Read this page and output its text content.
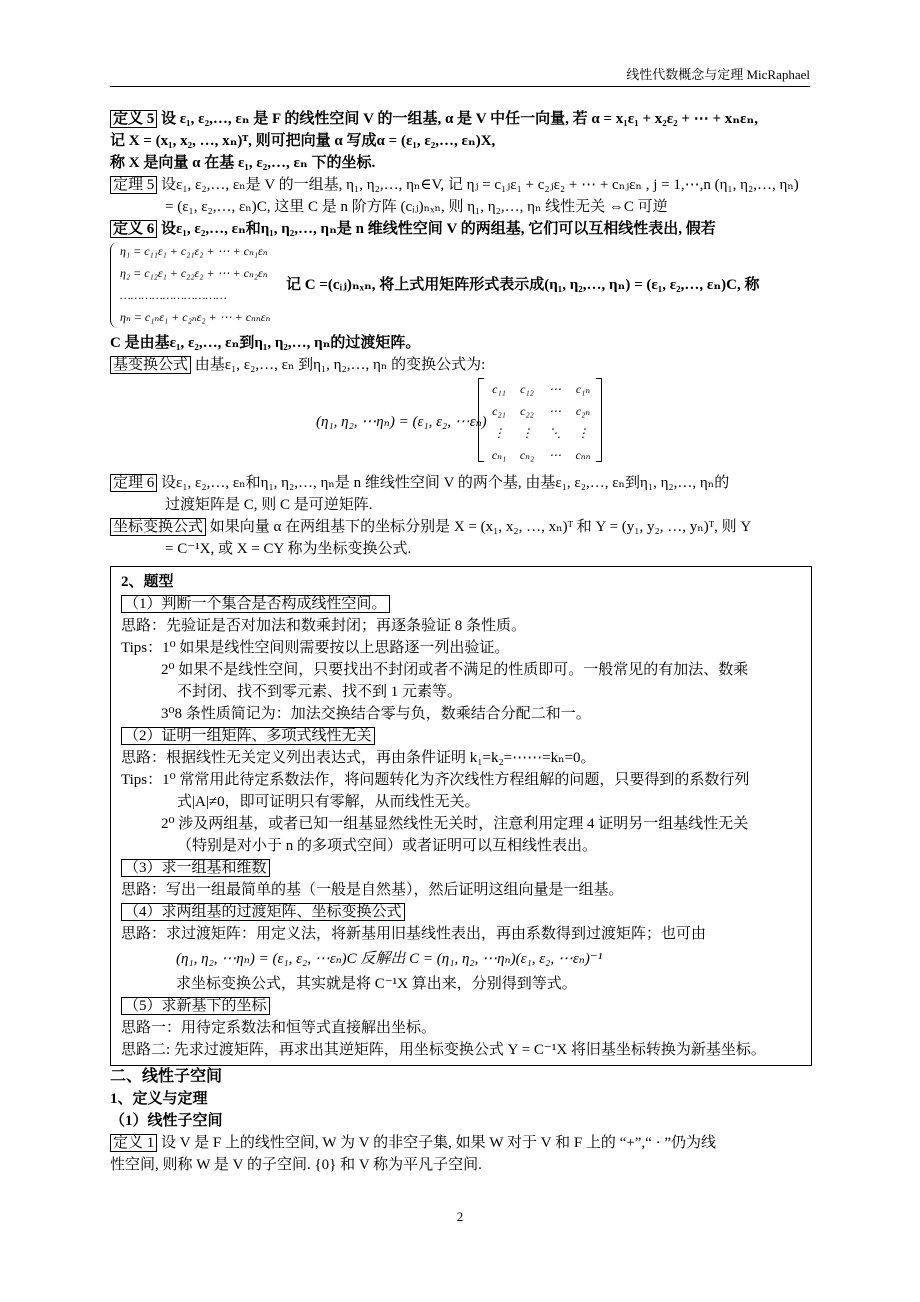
线性代数概念与定理 MicRaphael
定义 5 设 ε₁, ε₂,…, εₙ 是 F 的线性空间 V 的一组基, α 是 V 中任一向量, 若 α = x₁ε₁ + x₂ε₂ + ⋯ + xₙεₙ,
记 X = (x₁, x₂, …, xₙ)ᵀ, 则可把向量 α 写成α = (ε₁, ε₂,…, εₙ)X,
称 X 是向量 α 在基 ε₁, ε₂,…, εₙ 下的坐标.
定理 5 设ε₁, ε₂,…, εₙ是 V 的一组基, η₁, η₂,…, ηₙ∈V, 记 ηⱼ = c₁ⱼε₁ + c₂ⱼε₂ + ⋯ + cₙⱼεₙ , j = 1,⋯,n (η₁, η₂,…, ηₙ)
= (ε₁, ε₂,…, εₙ)C, 这里 C 是 n 阶方阵 (cᵢⱼ)ₙₓₙ, 则 η₁, η₂,…, ηₙ 线性无关 ⇔C 可逆
定义 6 设ε₁, ε₂,…, εₙ和η₁, η₂,…, ηₙ是 n 维线性空间 V 的两组基, 它们可以互相线性表出, 假若
η₁ = c₁₁ε₁ + c₂₁ε₂ + ⋯ + cₙ₁εₙ
η₂ = c₁₂ε₁ + c₂₂ε₂ + ⋯ + cₙ₂εₙ
…………………………
ηₙ = c₁ₙε₁ + c₂ₙε₂ + ⋯ + cₙₙεₙ
记 C =(cᵢⱼ)ₙₓₙ, 将上式用矩阵形式表示成(η₁, η₂,…, ηₙ) = (ε₁, ε₂,…, εₙ)C, 称
C 是由基ε₁, ε₂,…, εₙ到η₁, η₂,…, ηₙ的过渡矩阵。
基变换公式 由基ε₁, ε₂,…, εₙ 到η₁, η₂,…, ηₙ 的变换公式为:
(η₁, η₂, ⋯ηₙ) = (ε₁, ε₂, ⋯εₙ)
c₁₁	c₁₂	⋯	c₁ₙ
c₂₁	c₂₂	⋯	c₂ₙ
⋮	⋮	⋱	⋮
cₙ₁	cₙ₂	⋯	cₙₙ
定理 6 设ε₁, ε₂,…, εₙ和η₁, η₂,…, ηₙ是 n 维线性空间 V 的两个基, 由基ε₁, ε₂,…, εₙ到η₁, η₂,…, ηₙ的
过渡矩阵是 C, 则 C 是可逆矩阵.
坐标变换公式 如果向量 α 在两组基下的坐标分别是 X = (x₁, x₂, …, xₙ)ᵀ 和 Y = (y₁, y₂, …, yₙ)ᵀ, 则 Y
= C⁻¹X, 或 X = CY 称为坐标变换公式.
2、题型
（1）判断一个集合是否构成线性空间。
思路：先验证是否对加法和数乘封闭；再逐条验证 8 条性质。
Tips：1⁰ 如果是线性空间则需要按以上思路逐一列出验证。
2⁰ 如果不是线性空间，只要找出不封闭或者不满足的性质即可。一般常见的有加法、数乘
不封闭、找不到零元素、找不到 1 元素等。
3⁰8 条性质简记为：加法交换结合零与负，数乘结合分配二和一。
（2）证明一组矩阵、多项式线性无关
思路：根据线性无关定义列出表达式，再由条件证明 k₁=k₂=⋯⋯=kₙ=0。
Tips：1⁰ 常常用此待定系数法作，将问题转化为齐次线性方程组解的问题，只要得到的系数行列
式|A|≠0，即可证明只有零解，从而线性无关。
2⁰ 涉及两组基，或者已知一组基显然线性无关时，注意利用定理 4 证明另一组基线性无关
（特别是对小于 n 的多项式空间）或者证明可以互相线性表出。
（3）求一组基和维数
思路：写出一组最简单的基（一般是自然基），然后证明这组向量是一组基。
（4）求两组基的过渡矩阵、坐标变换公式
思路：求过渡矩阵：用定义法，将新基用旧基线性表出，再由系数得到过渡矩阵；也可由
(η₁, η₂, ⋯ηₙ) = (ε₁, ε₂, ⋯εₙ)C 反解出 C = (η₁, η₂, ⋯ηₙ)(ε₁, ε₂, ⋯εₙ)⁻¹
求坐标变换公式，其实就是将 C⁻¹X 算出来，分别得到等式。
（5）求新基下的坐标
思路一：用待定系数法和恒等式直接解出坐标。
思路二: 先求过渡矩阵，再求出其逆矩阵，用坐标变换公式 Y = C⁻¹X 将旧基坐标转换为新基坐标。
二、线性子空间
1、定义与定理
（1）线性子空间
定义 1 设 V 是 F 上的线性空间, W 为 V 的非空子集, 如果 W 对于 V 和 F 上的 “+”,“ · ”仍为线
性空间, 则称 W 是 V 的子空间. {0} 和 V 称为平凡子空间.
2
